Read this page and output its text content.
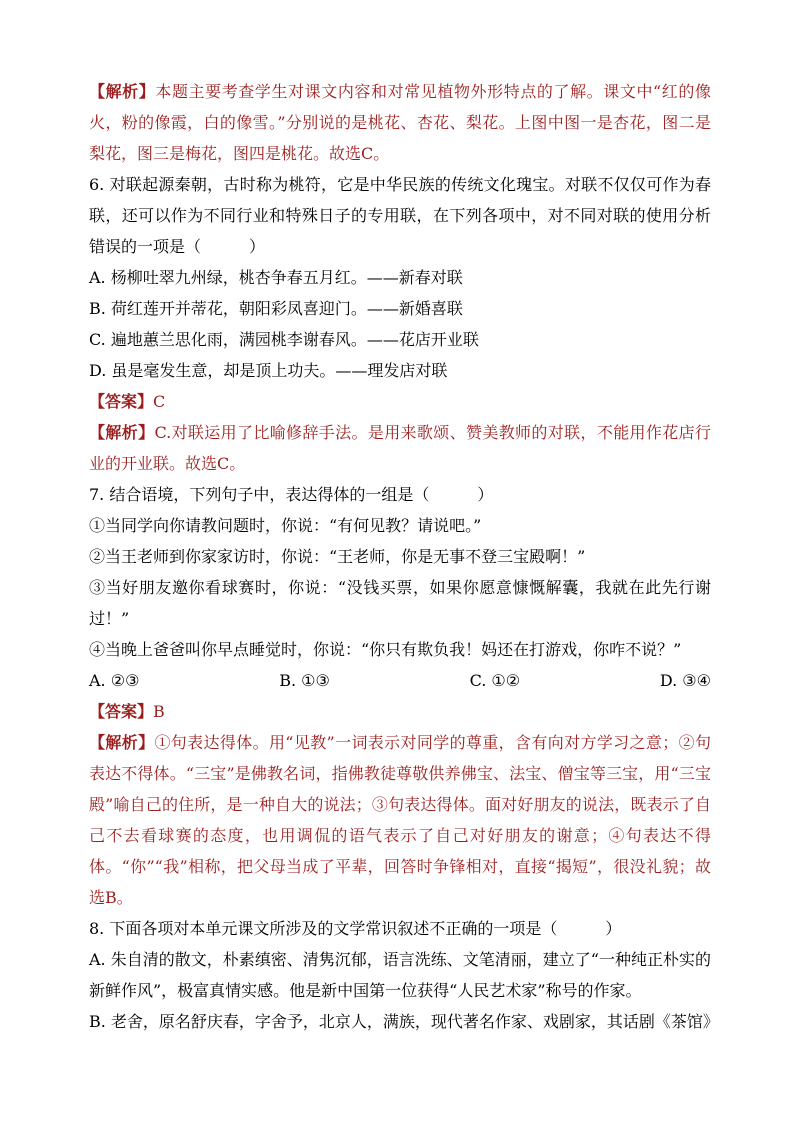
【解析】本题主要考查学生对课文内容和对常见植物外形特点的了解。课文中“红的像火，粉的像霞，白的像雪。”分别说的是桃花、杏花、梨花。上图中图一是杏花，图二是梨花，图三是梅花，图四是桃花。故选C。

6. 对联起源秦朝，古时称为桃符，它是中华民族的传统文化瑰宝。对联不仅仅可作为春联，还可以作为不同行业和特殊日子的专用联，在下列各项中，对不同对联的使用分析错误的一项是（　　　）

A. 杨柳吐翠九州绿，桃杏争春五月红。——新春对联

B. 荷红莲开并蒂花，朝阳彩凤喜迎门。——新婚喜联

C. 遍地蕙兰思化雨，满园桃李谢春风。——花店开业联

D. 虽是毫发生意，却是顶上功夫。——理发店对联

【答案】C

【解析】C.对联运用了比喻修辞手法。是用来歌颂、赞美教师的对联，不能用作花店行业的开业联。故选C。

7. 结合语境，下列句子中，表达得体的一组是（　　　）

①当同学向你请教问题时，你说：“有何见教？请说吧。”

②当王老师到你家家访时，你说：“王老师，你是无事不登三宝殿啊！”

③当好朋友邀你看球赛时，你说：“没钱买票，如果你愿意慷慨解囊，我就在此先行谢过！”

④当晚上爸爸叫你早点睡觉时，你说：“你只有欺负我！妈还在打游戏，你咋不说？”

A. ②③	B. ①③	C. ①②	D. ③④

【答案】B

【解析】①句表达得体。用“见教”一词表示对同学的尊重，含有向对方学习之意；②句表达不得体。“三宝”是佛教名词，指佛教徒尊敬供养佛宝、法宝、僧宝等三宝，用“三宝殿”喻自己的住所，是一种自大的说法；③句表达得体。面对好朋友的说法，既表示了自己不去看球赛的态度，也用调侃的语气表示了自己对好朋友的谢意；④句表达不得体。“你”“我”相称，把父母当成了平辈，回答时争锋相对，直接“揭短”，很没礼貌；故选B。

8. 下面各项对本单元课文所涉及的文学常识叙述不正确的一项是（　　　）

A. 朱自清的散文，朴素缜密、清隽沉郁，语言洗练、文笔清丽，建立了“一种纯正朴实的新鲜作风”，极富真情实感。他是新中国第一位获得“人民艺术家”称号的作家。

B. 老舍，原名舒庆春，字舍予，北京人，满族，现代著名作家、戏剧家，其话剧《茶馆》
